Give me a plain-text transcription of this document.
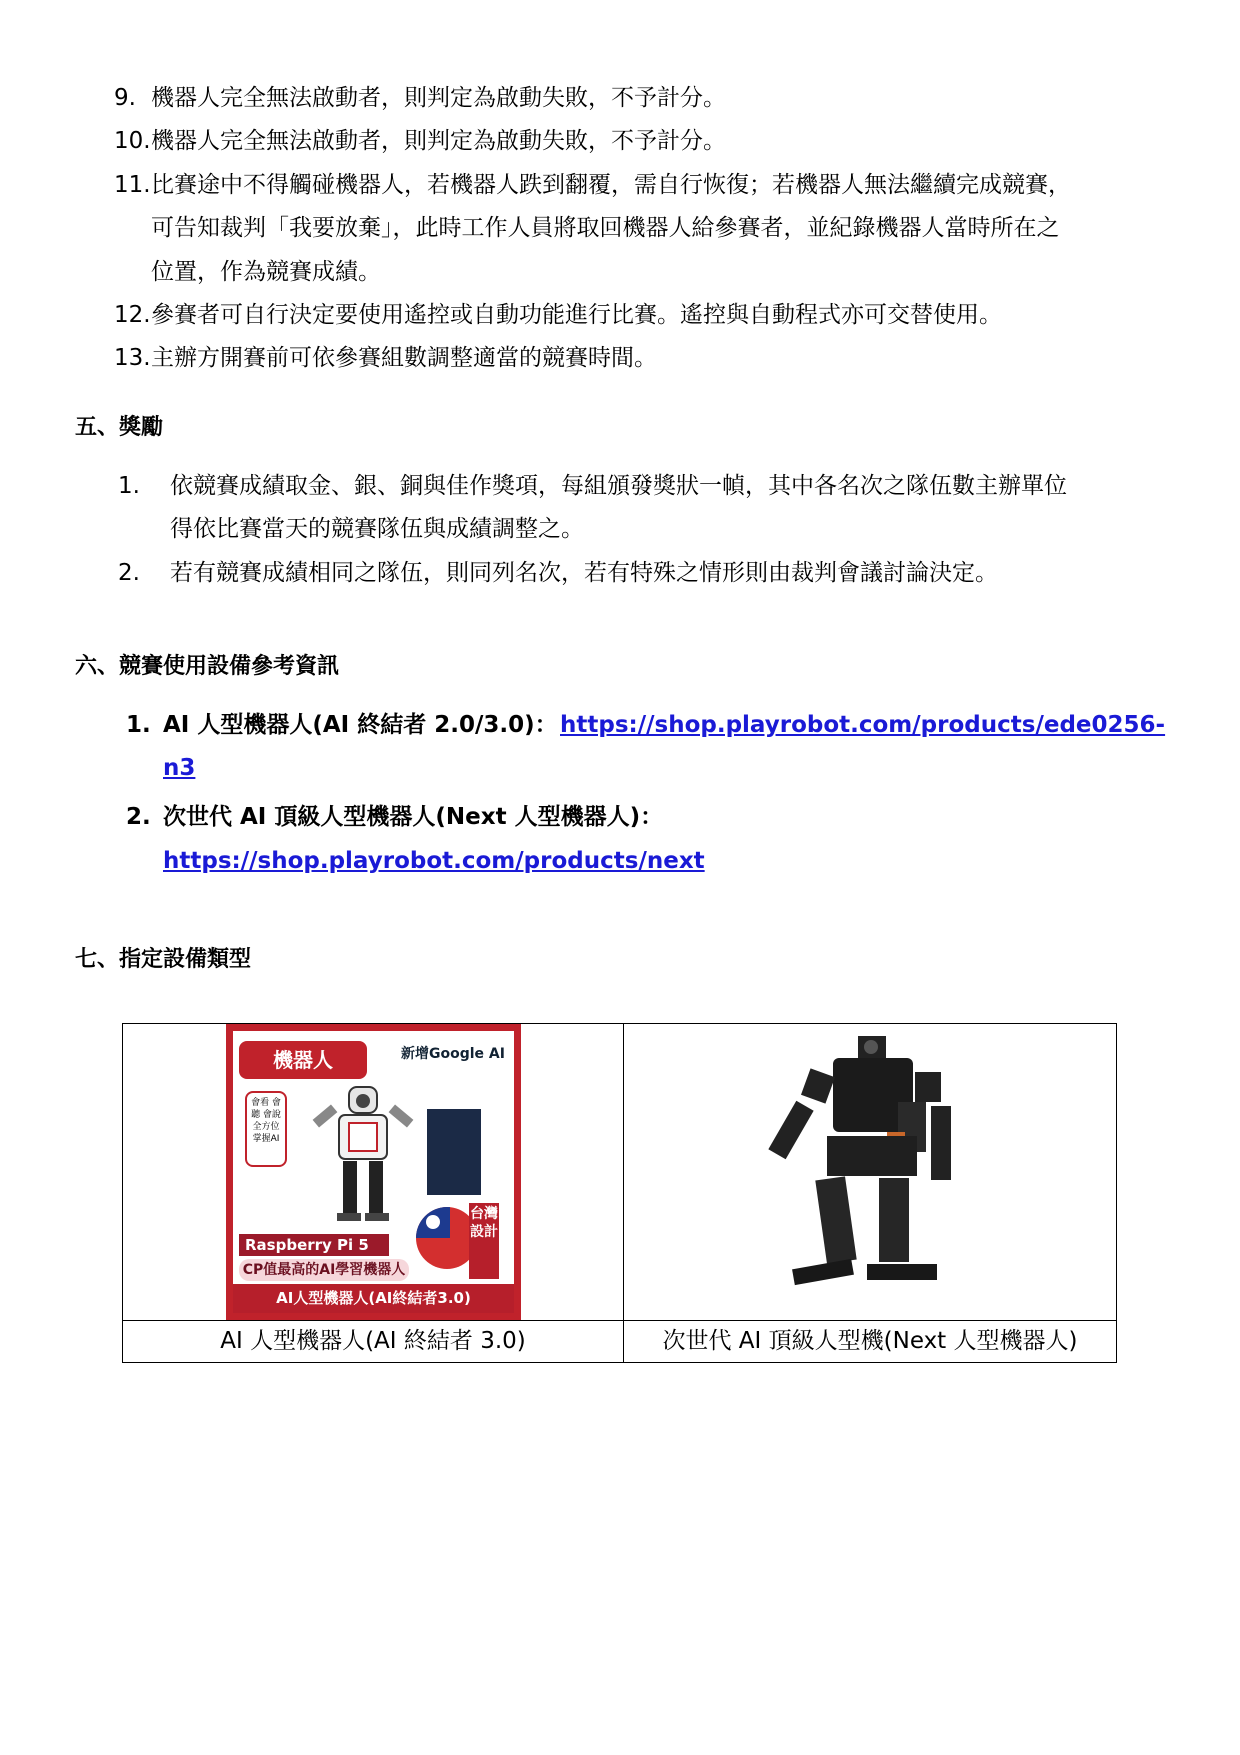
9. 機器人完全無法啟動者，則判定為啟動失敗，不予計分。
10. 機器人完全無法啟動者，則判定為啟動失敗，不予計分。
11. 比賽途中不得觸碰機器人，若機器人跌到翻覆，需自行恢復；若機器人無法繼續完成競賽，
可告知裁判「我要放棄」，此時工作人員將取回機器人給參賽者，並紀錄機器人當時所在之
位置，作為競賽成績。
12. 參賽者可自行決定要使用遙控或自動功能進行比賽。遙控與自動程式亦可交替使用。
13. 主辦方開賽前可依參賽組數調整適當的競賽時間。
五、獎勵
1. 依競賽成績取金、銀、銅與佳作獎項，每組頒發獎狀一幀，其中各名次之隊伍數主辦單位
得依比賽當天的競賽隊伍與成績調整之。
2. 若有競賽成績相同之隊伍，則同列名次，若有特殊之情形則由裁判會議討論決定。
六、競賽使用設備參考資訊
1. AI 人型機器人(AI 終結者 2.0/3.0)： https://shop.playrobot.com/products/ede0256-
n3
2. 次世代 AI 頂級人型機器人(Next 人型機器人)：
https://shop.playrobot.com/products/next
七、指定設備類型
機器人	新增Google AI
會看 會聽 會說 全方位 掌握AI
Raspberry Pi 5
CP值最高的AI學習機器人
台灣設計
AI人型機器人(AI終結者3.0)
AI 人型機器人(AI 終結者 3.0)	次世代 AI 頂級人型機(Next 人型機器人)
